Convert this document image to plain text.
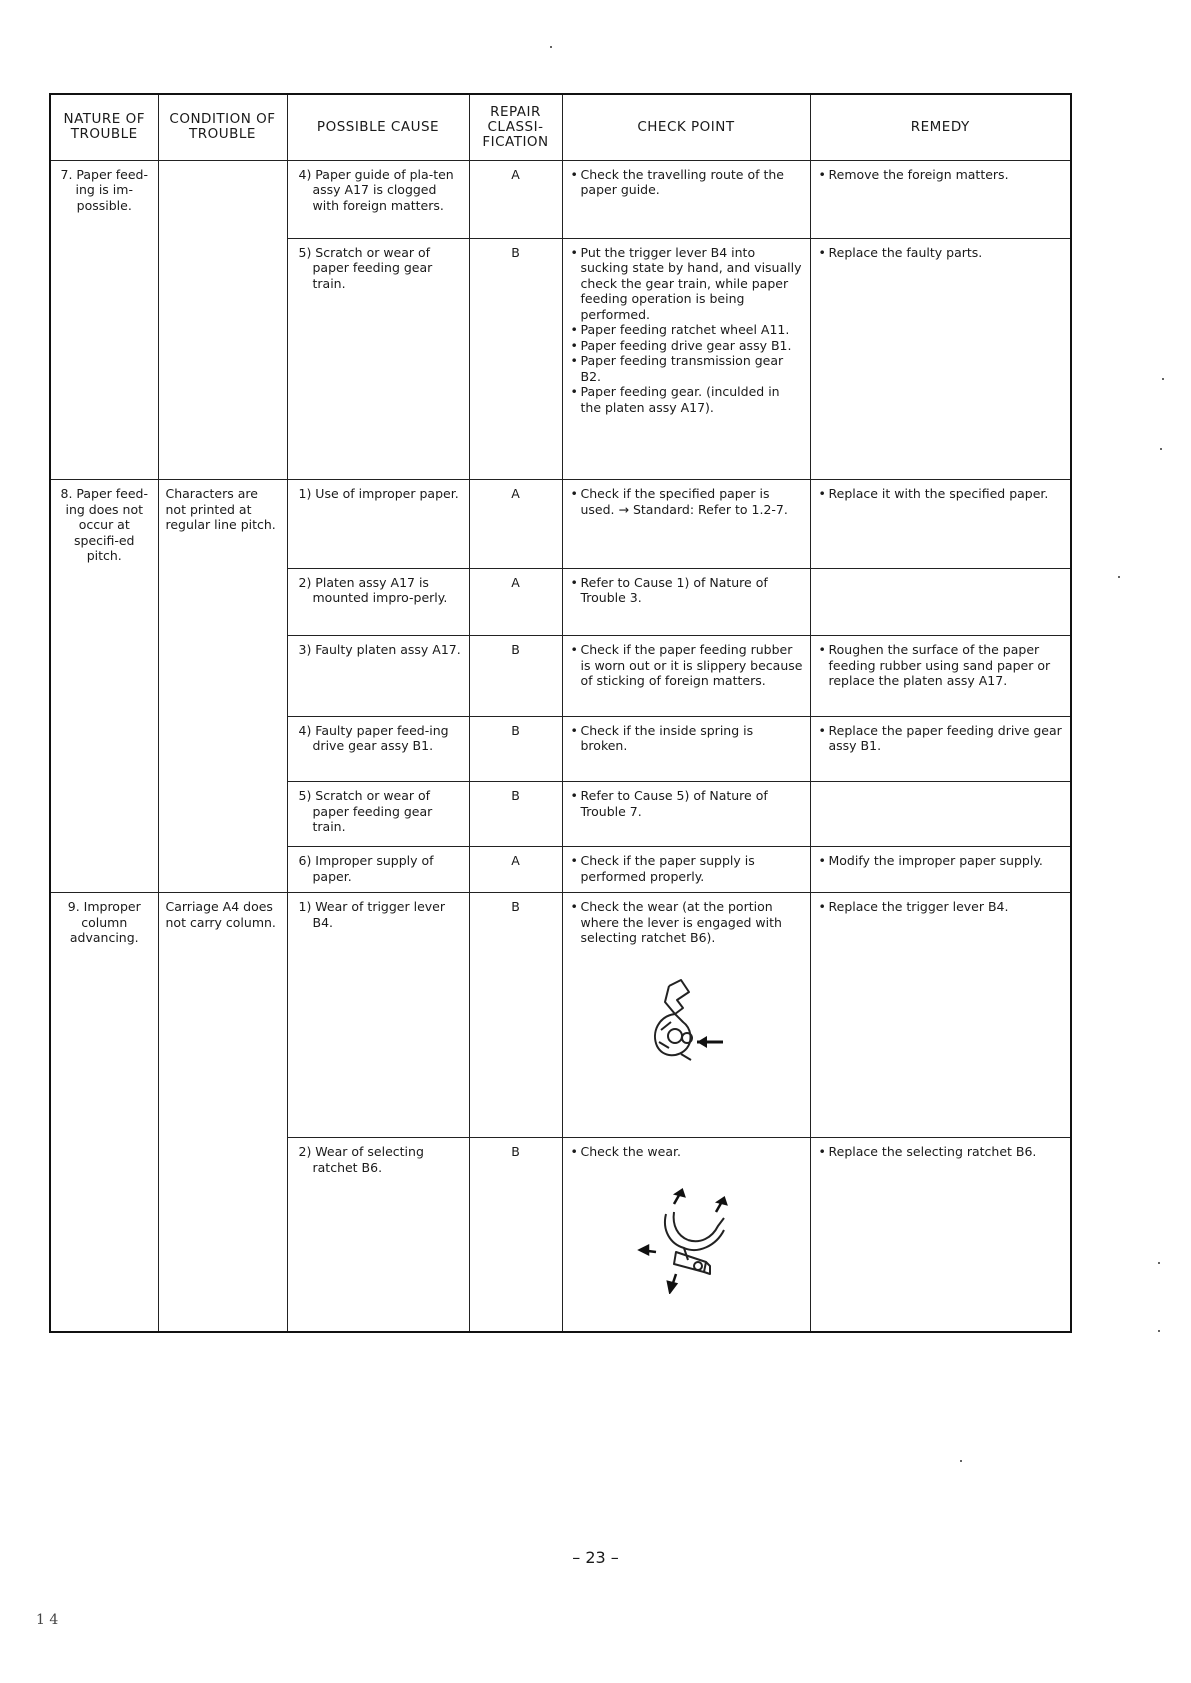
NATURE OF TROUBLE	CONDITION OF TROUBLE	POSSIBLE CAUSE	REPAIR CLASSI-FICATION	CHECK POINT	REMEDY

7. Paper feed-ing is im-possible.		4) Paper guide of pla-ten assy A17 is clogged with foreign matters.	A	• Check the travelling route of the paper guide.	• Remove the foreign matters.

		5) Scratch or wear of paper feeding gear train.	B	• Put the trigger lever B4 into sucking state by hand, and visually check the gear train, while paper feeding operation is being performed.
• Paper feeding ratchet wheel A11.
• Paper feeding drive gear assy B1.
• Paper feeding transmission gear B2.
• Paper feeding gear. (inculded in the platen assy A17).	• Replace the faulty parts.

8. Paper feed-ing does not occur at specifi-ed pitch.	Characters are not printed at regular line pitch.	1) Use of improper paper.	A	• Check if the specified paper is used. → Standard: Refer to 1.2-7.	• Replace it with the specified paper.

		2) Platen assy A17 is mounted impro-perly.	A	• Refer to Cause 1) of Nature of Trouble 3.

		3) Faulty platen assy A17.	B	• Check if the paper feeding rubber is worn out or it is slippery because of sticking of foreign matters.	• Roughen the surface of the paper feeding rubber using sand paper or replace the platen assy A17.

		4) Faulty paper feed-ing drive gear assy B1.	B	• Check if the inside spring is broken.	• Replace the paper feeding drive gear assy B1.

		5) Scratch or wear of paper feeding gear train.	B	• Refer to Cause 5) of Nature of Trouble 7.

		6) Improper supply of paper.	A	• Check if the paper supply is performed properly.	• Modify the improper paper supply.

9. Improper column advancing.	Carriage A4 does not carry column.	1) Wear of trigger lever B4.	B	• Check the wear (at the portion where the lever is engaged with selecting ratchet B6).	• Replace the trigger lever B4.

		2) Wear of selecting ratchet B6.	B	• Check the wear.	• Replace the selecting ratchet B6.
– 23 –
1 4
